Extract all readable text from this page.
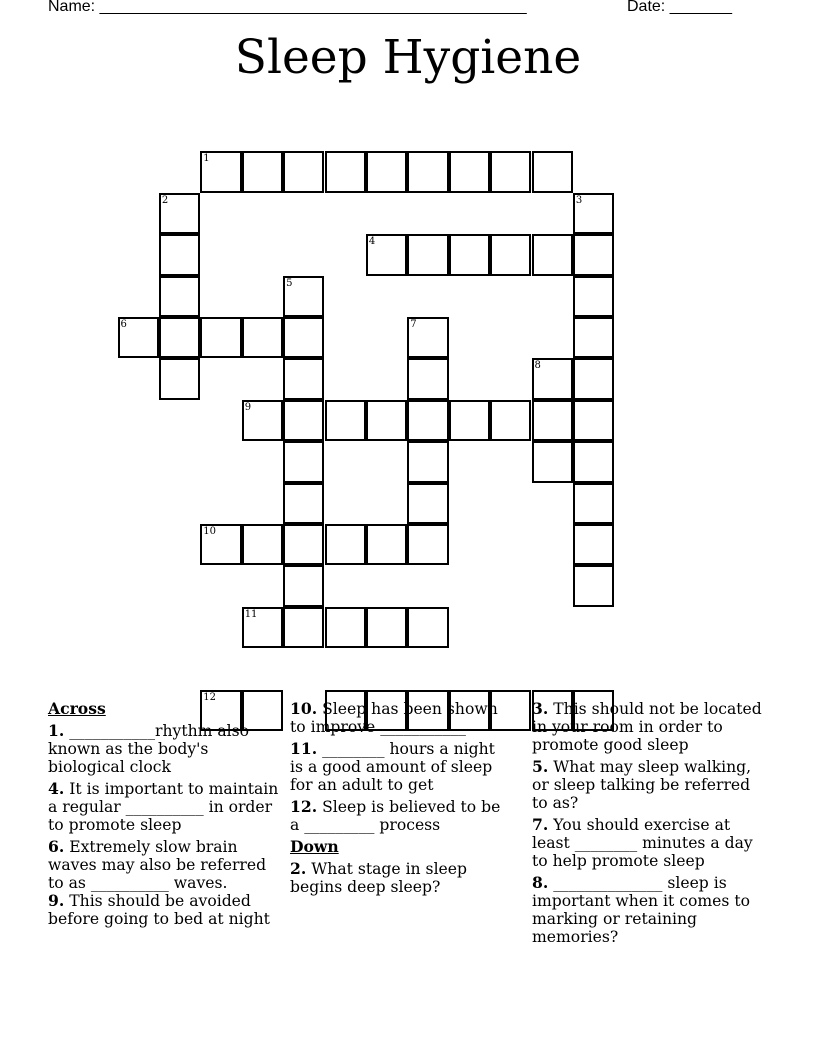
Name: ________________________________________________	Date: _______
Sleep Hygiene
1
2	3
4
5
6	7
8
9
10
11
12
Across
1. ___________rhythm also known as the body's biological clock
4. It is important to maintain a regular __________ in order to promote sleep
6. Extremely slow brain waves may also be referred to as __________ waves.
9. This should be avoided before going to bed at night
10. Sleep has been shown to improve ___________
11. ________ hours a night is a good amount of sleep for an adult to get
12. Sleep is believed to be a _________ process
Down
2. What stage in sleep begins deep sleep?
3. This should not be located in your room in order to promote good sleep
5. What may sleep walking, or sleep talking be referred to as?
7. You should exercise at least ________ minutes a day to help promote sleep
8. ______________ sleep is important when it comes to marking or retaining memories?
